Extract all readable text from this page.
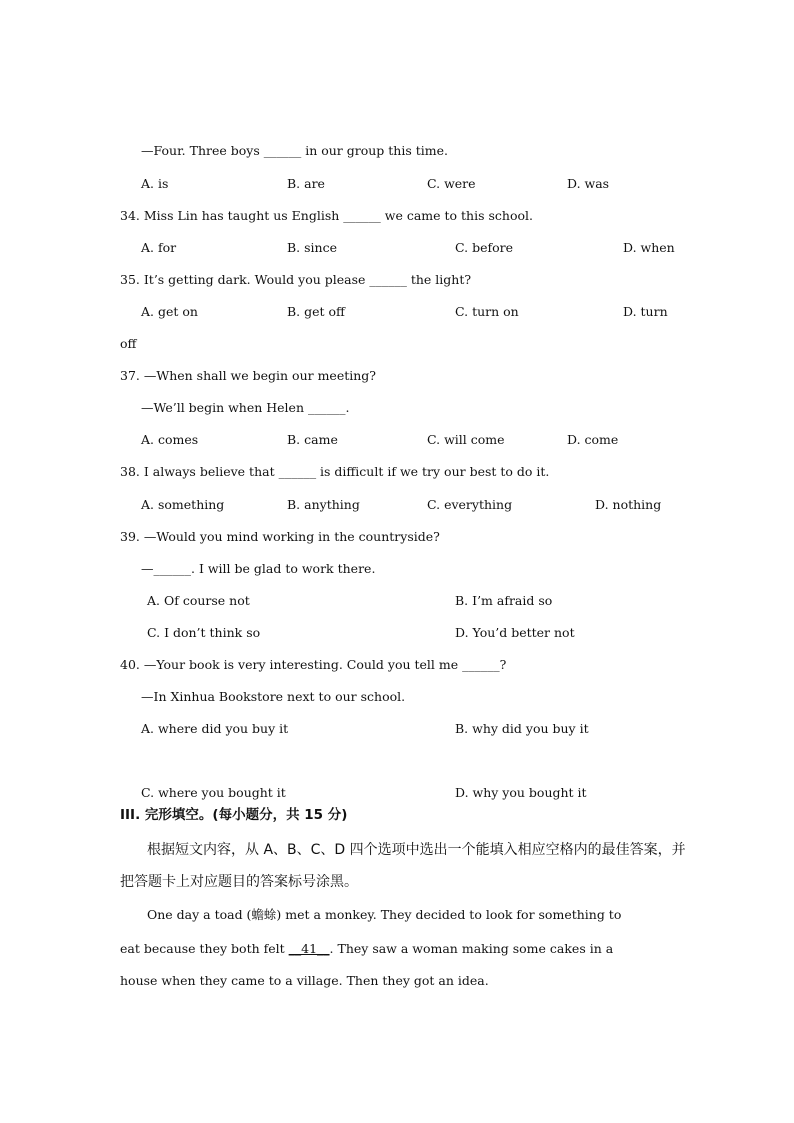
—Four. Three boys ______ in our group this time.
A. is	B. are	C. were	D. was
34. Miss Lin has taught us English ______ we came to this school.
A. for	B. since	C. before	D. when
35. It’s getting dark. Would you please ______ the light?
A. get on	B. get off	C. turn on	D. turn
off
37. —When shall we begin our meeting?
—We’ll begin when Helen ______.
A. comes	B. came	C. will come	D. come
38. I always believe that ______ is difficult if we try our best to do it.
A. something	B. anything	C. everything	D. nothing
39. —Would you mind working in the countryside?
—______. I will be glad to work there.
A. Of course not	B. I’m afraid so
C. I don’t think so	D. You’d better not
40. —Your book is very interesting. Could you tell me ______?
—In Xinhua Bookstore next to our school.
A. where did you buy it	B. why did you buy it
C. where you bought it	D. why you bought it
III. 完形填空。(每小题分，共 15 分)
根据短文内容，从 A、B、C、D 四个选项中选出一个能填入相应空格内的最佳答案，并
把答题卡上对应题目的答案标号涂黑。
One day a toad (蟾蜍) met a monkey. They decided to look for something to
eat because they both felt __41__. They saw a woman making some cakes in a
house when they came to a village. Then they got an idea.
